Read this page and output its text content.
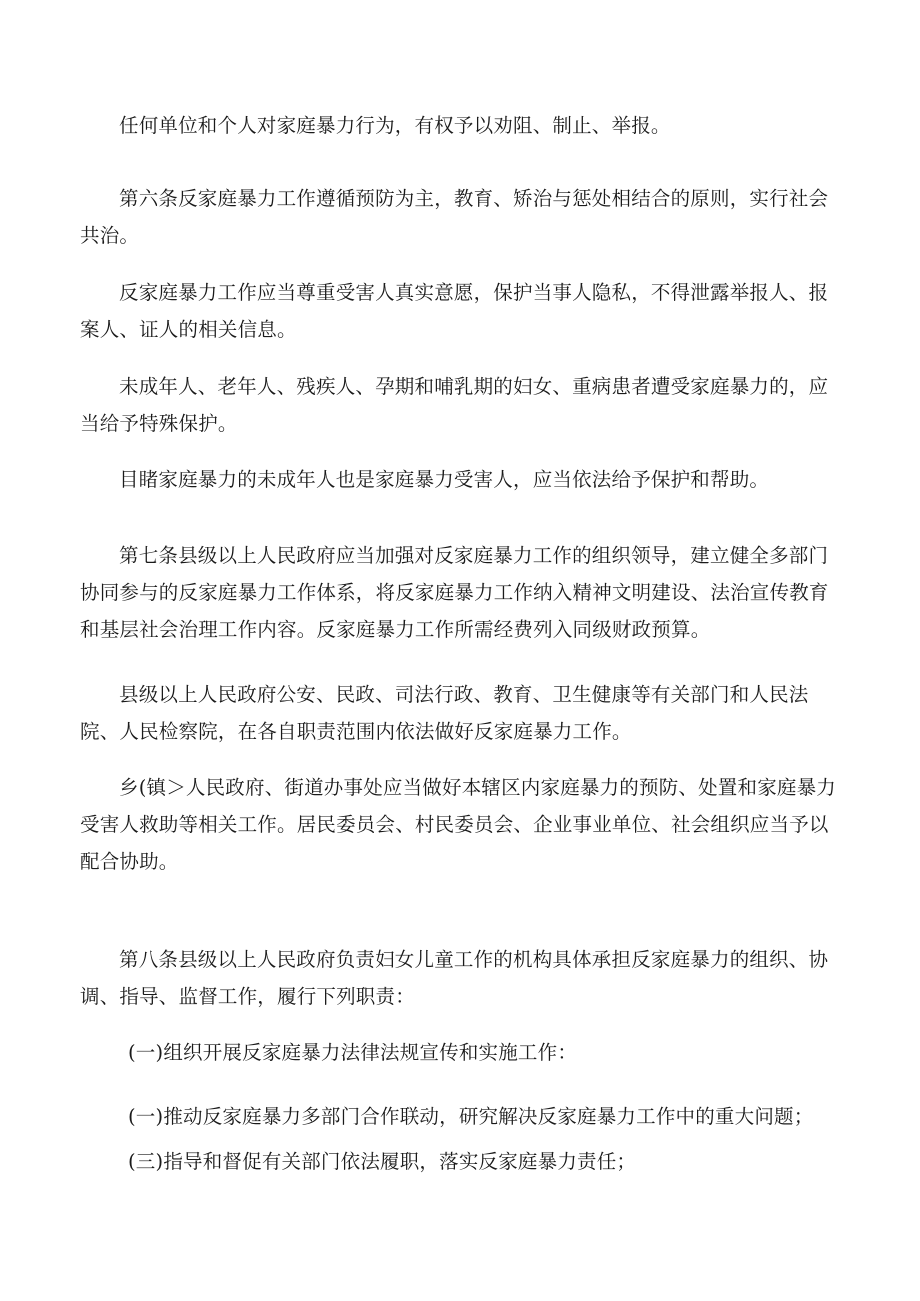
任何单位和个人对家庭暴力行为，有权予以劝阻、制止、举报。

第六条反家庭暴力工作遵循预防为主，教育、矫治与惩处相结合的原则，实行社会共治。

反家庭暴力工作应当尊重受害人真实意愿，保护当事人隐私，不得泄露举报人、报案人、证人的相关信息。

未成年人、老年人、残疾人、孕期和哺乳期的妇女、重病患者遭受家庭暴力的，应当给予特殊保护。

目睹家庭暴力的未成年人也是家庭暴力受害人，应当依法给予保护和帮助。

第七条县级以上人民政府应当加强对反家庭暴力工作的组织领导，建立健全多部门协同参与的反家庭暴力工作体系，将反家庭暴力工作纳入精神文明建设、法治宣传教育和基层社会治理工作内容。反家庭暴力工作所需经费列入同级财政预算。

县级以上人民政府公安、民政、司法行政、教育、卫生健康等有关部门和人民法院、人民检察院，在各自职责范围内依法做好反家庭暴力工作。

乡(镇＞人民政府、街道办事处应当做好本辖区内家庭暴力的预防、处置和家庭暴力受害人救助等相关工作。居民委员会、村民委员会、企业事业单位、社会组织应当予以配合协助。

第八条县级以上人民政府负责妇女儿童工作的机构具体承担反家庭暴力的组织、协调、指导、监督工作，履行下列职责：

(一)组织开展反家庭暴力法律法规宣传和实施工作：

(一)推动反家庭暴力多部门合作联动，研究解决反家庭暴力工作中的重大问题；

(三)指导和督促有关部门依法履职，落实反家庭暴力责任；
